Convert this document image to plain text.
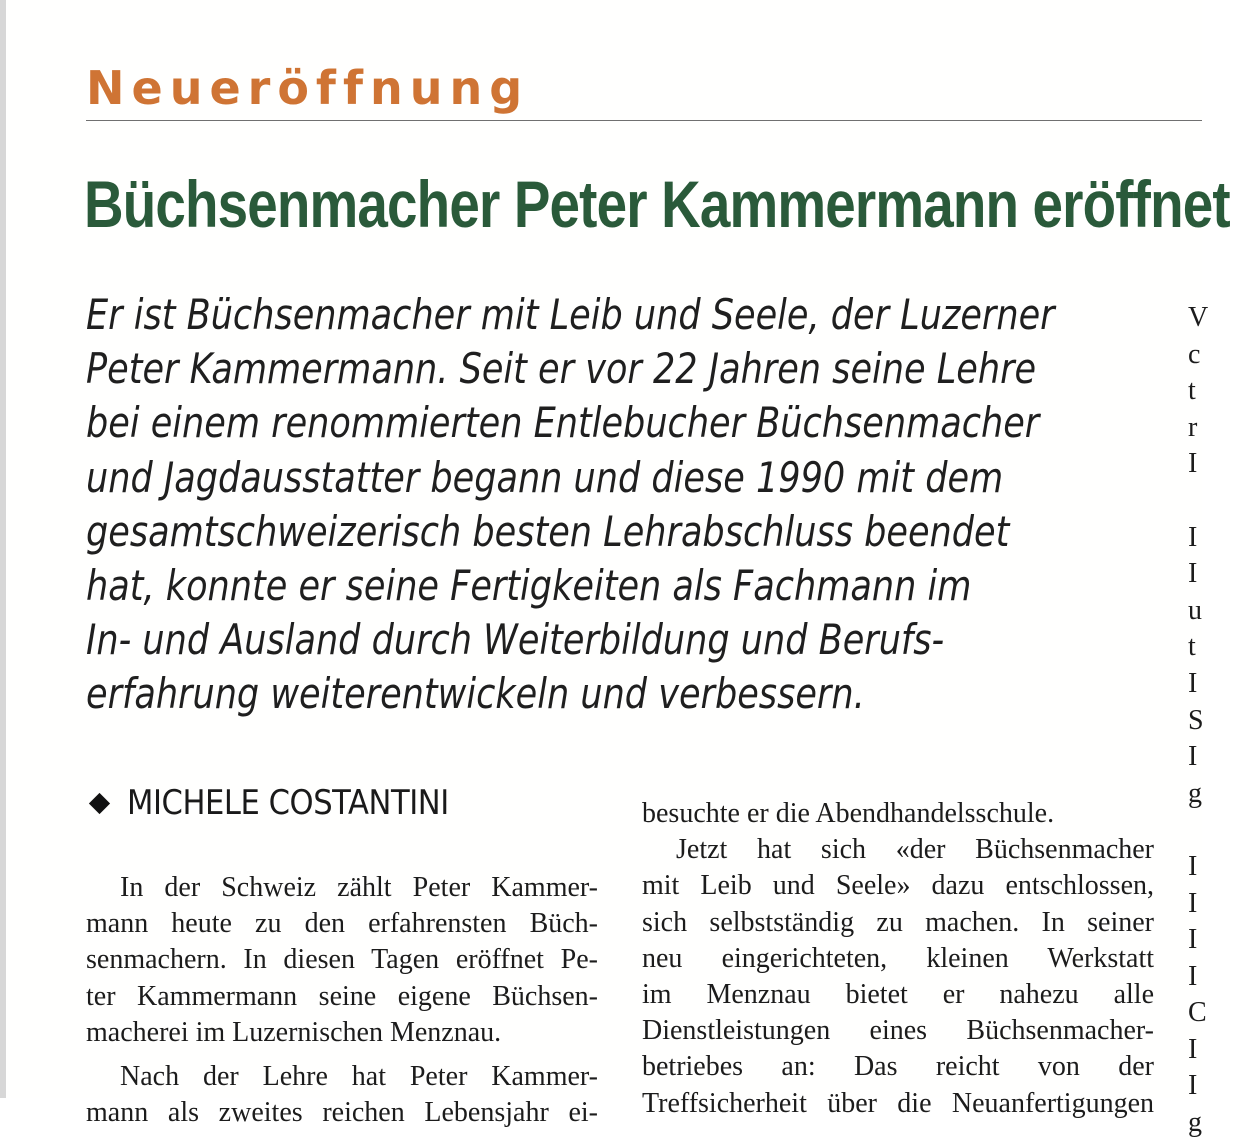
Neueröffnung
Büchsenmacher Peter Kammermann eröffnet
Er ist Büchsenmacher mit Leib und Seele, der Luzerner
Peter Kammermann. Seit er vor 22 Jahren seine Lehre
bei einem renommierten Entlebucher Büchsenmacher
und Jagdausstatter begann und diese 1990 mit dem
gesamtschweizerisch besten Lehrabschluss beendet
hat, konnte er seine Fertigkeiten als Fachmann im
In- und Ausland durch Weiterbildung und Berufs-
erfahrung weiterentwickeln und verbessern.
MICHELE COSTANTINI
In der Schweiz zählt Peter Kammer-
mann heute zu den erfahrensten Büch-
senmachern. In diesen Tagen eröffnet Pe-
ter Kammermann seine eigene Büchsen-
macherei im Luzernischen Menznau.
Nach der Lehre hat Peter Kammer-
mann als zweites reichen Lebensjahr ei-
besuchte er die Abendhandelsschule.
Jetzt hat sich «der Büchsenmacher
mit Leib und Seele» dazu entschlossen,
sich selbstständig zu machen. In seiner
neu eingerichteten, kleinen Werkstatt
im Menznau bietet er nahezu alle
Dienstleistungen eines Büchsenmacher-
betriebes an: Das reicht von der
Treffsicherheit über die Neuanfertigungen
V
c
t
r
I

I
I
u
t
I
S
I
g

I
I
I
I
C
I
I
g
